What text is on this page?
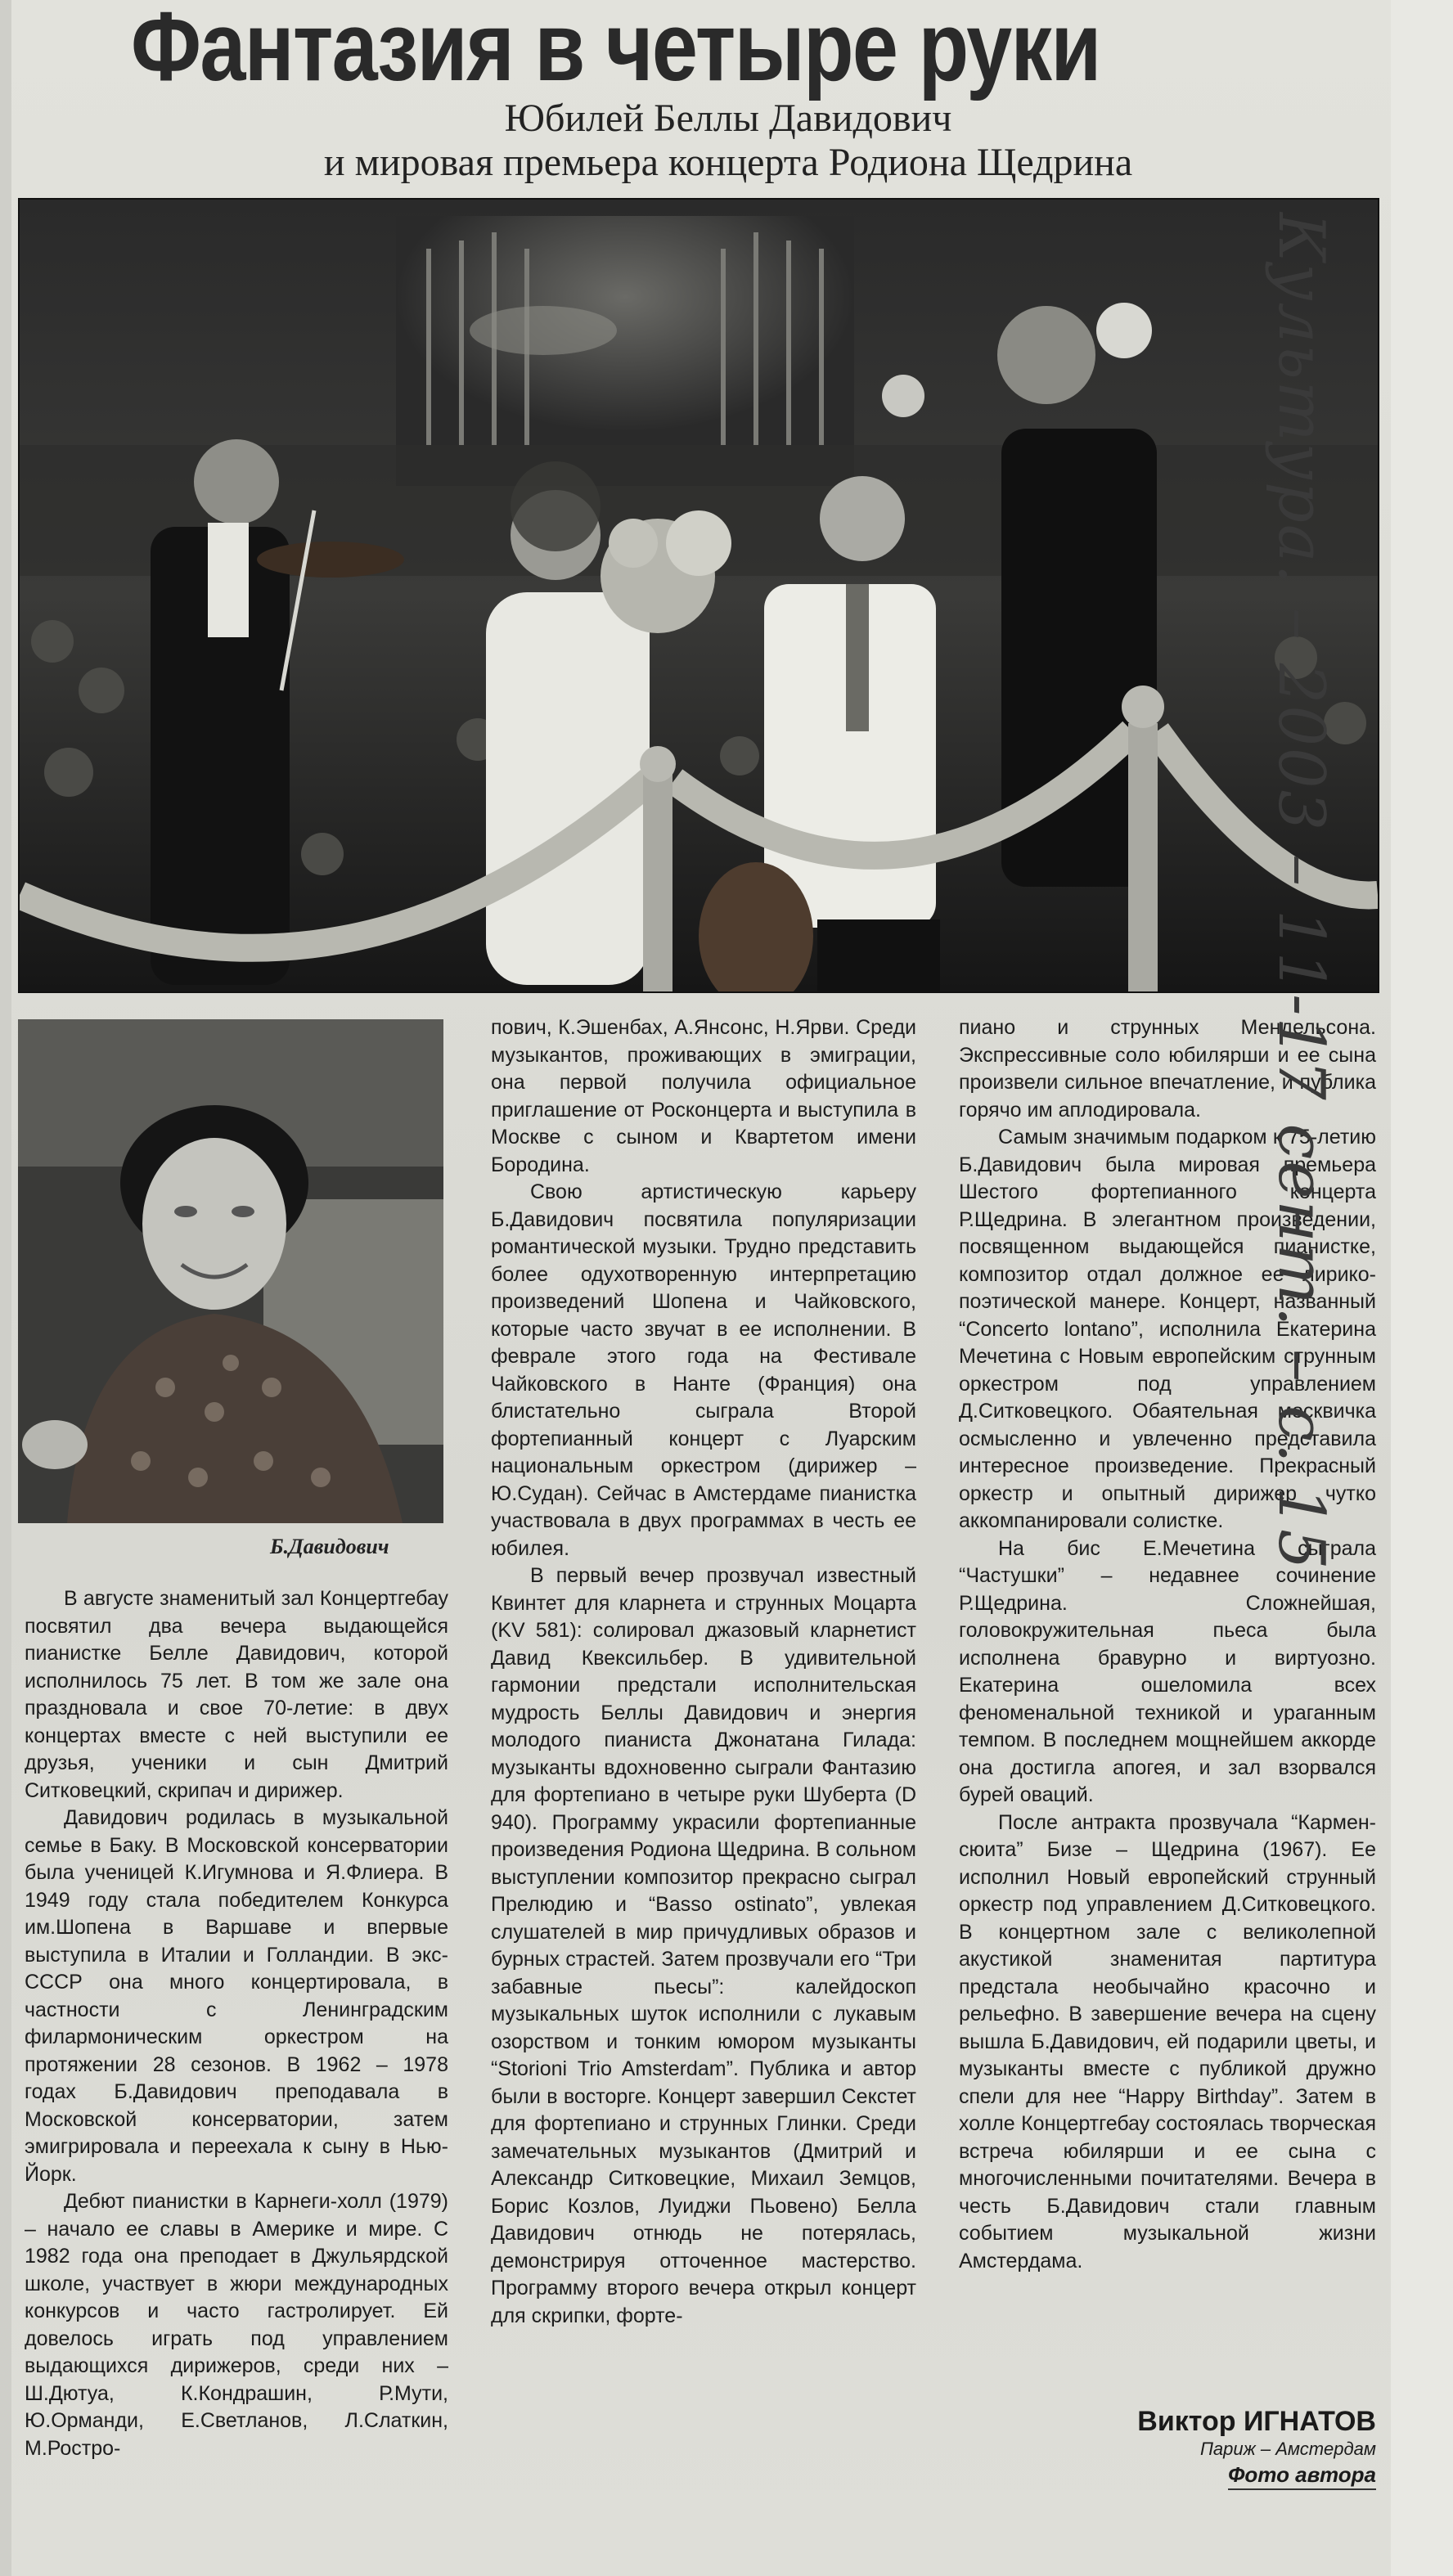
Фантазия в четыре руки
Юбилей Беллы Давидович
и мировая премьера концерта Родиона Щедрина
Б.Давидович

В августе знаменитый зал Концертгебау посвятил два вечера выдающейся пианистке Белле Давидович, которой исполнилось 75 лет. В том же зале она праздновала и свое 70-летие: в двух концертах вместе с ней выступили ее друзья, ученики и сын Дмитрий Ситковецкий, скрипач и дирижер.

Давидович родилась в музыкальной семье в Баку. В Московской консерватории была ученицей К.Игумнова и Я.Флиера. В 1949 году стала победителем Конкурса им.Шопена в Варшаве и впервые выступила в Италии и Голландии. В экс-СССР она много концертировала, в частности с Ленинградским филармоническим оркестром на протяжении 28 сезонов. В 1962 – 1978 годах Б.Давидович преподавала в Московской консерватории, затем эмигрировала и переехала к сыну в Нью-Йорк.

Дебют пианистки в Карнеги-холл (1979) – начало ее славы в Америке и мире. С 1982 года она преподает в Джульярдской школе, участвует в жюри международных конкурсов и часто гастролирует. Ей довелось играть под управлением выдающихся дирижеров, среди них – Ш.Дютуа, К.Кондрашин, Р.Мути, Ю.Орманди, Е.Светланов, Л.Слаткин, М.Ростро-

пович, К.Эшенбах, А.Янсонс, Н.Ярви. Среди музыкантов, проживающих в эмиграции, она первой получила официальное приглашение от Росконцерта и выступила в Москве с сыном и Квартетом имени Бородина.

Свою артистическую карьеру Б.Давидович посвятила популяризации романтической музыки. Трудно представить более одухотворенную интерпретацию произведений Шопена и Чайковского, которые часто звучат в ее исполнении. В феврале этого года на Фестивале Чайковского в Нанте (Франция) она блистательно сыграла Второй фортепианный концерт с Луарским национальным оркестром (дирижер – Ю.Судан). Сейчас в Амстердаме пианистка участвовала в двух программах в честь ее юбилея.

В первый вечер прозвучал известный Квинтет для кларнета и струнных Моцарта (KV 581): солировал джазовый кларнетист Давид Квексильбер. В удивительной гармонии предстали исполнительская мудрость Беллы Давидович и энергия молодого пианиста Джонатана Гилада: музыканты вдохновенно сыграли Фантазию для фортепиано в четыре руки Шуберта (D 940). Программу украсили фортепианные произведения Родиона Щедрина. В сольном выступлении композитор прекрасно сыграл Прелюдию и “Basso ostinato”, увлекая слушателей в мир причудливых образов и бурных страстей. Затем прозвучали его “Три забавные пьесы”: калейдоскоп музыкальных шуток исполнили с лукавым озорством и тонким юмором музыканты “Storioni Trio Amsterdam”. Публика и автор были в восторге. Концерт завершил Секстет для фортепиано и струнных Глинки. Среди замечательных музыкантов (Дмитрий и Александр Ситковецкие, Михаил Земцов, Борис Козлов, Луиджи Пьовено) Белла Давидович отнюдь не потерялась, демонстрируя отточенное мастерство. Программу второго вечера открыл концерт для скрипки, форте-

пиано и струнных Мендельсона. Экспрессивные соло юбилярши и ее сына произвели сильное впечатление, и публика горячо им аплодировала.

Самым значимым подарком к 75-летию Б.Давидович была мировая премьера Шестого фортепианного концерта Р.Щедрина. В элегантном произведении, посвященном выдающейся пианистке, композитор отдал должное ее лирико-поэтической манере. Концерт, названный “Concerto lontano”, исполнила Екатерина Мечетина с Новым европейским струнным оркестром под управлением Д.Ситковецкого. Обаятельная москвичка осмысленно и увлеченно представила интересное произведение. Прекрасный оркестр и опытный дирижер чутко аккомпанировали солистке.

На бис Е.Мечетина сыграла “Частушки” – недавнее сочинение Р.Щедрина. Сложнейшая, головокружительная пьеса была исполнена бравурно и виртуозно. Екатерина ошеломила всех феноменальной техникой и ураганным темпом. В последнем мощнейшем аккорде она достигла апогея, и зал взорвался бурей оваций.

После антракта прозвучала “Кармен-сюита” Бизе – Щедрина (1967). Ее исполнил Новый европейский струнный оркестр под управлением Д.Ситковецкого. В концертном зале с великолепной акустикой знаменитая партитура предстала необычайно красочно и рельефно. В завершение вечера на сцену вышла Б.Давидович, ей подарили цветы, и музыканты вместе с публикой дружно спели для нее “Happy Birthday”. Затем в холле Концертгебау состоялась творческая встреча юбилярши и ее сына с многочисленными почитателями. Вечера в честь Б.Давидович стали главным событием музыкальной жизни Амстердама.

Виктор ИГНАТОВ
Париж – Амстердам
Фото автора
Культура. – 2003 – 11-17 сент. – с. 15
